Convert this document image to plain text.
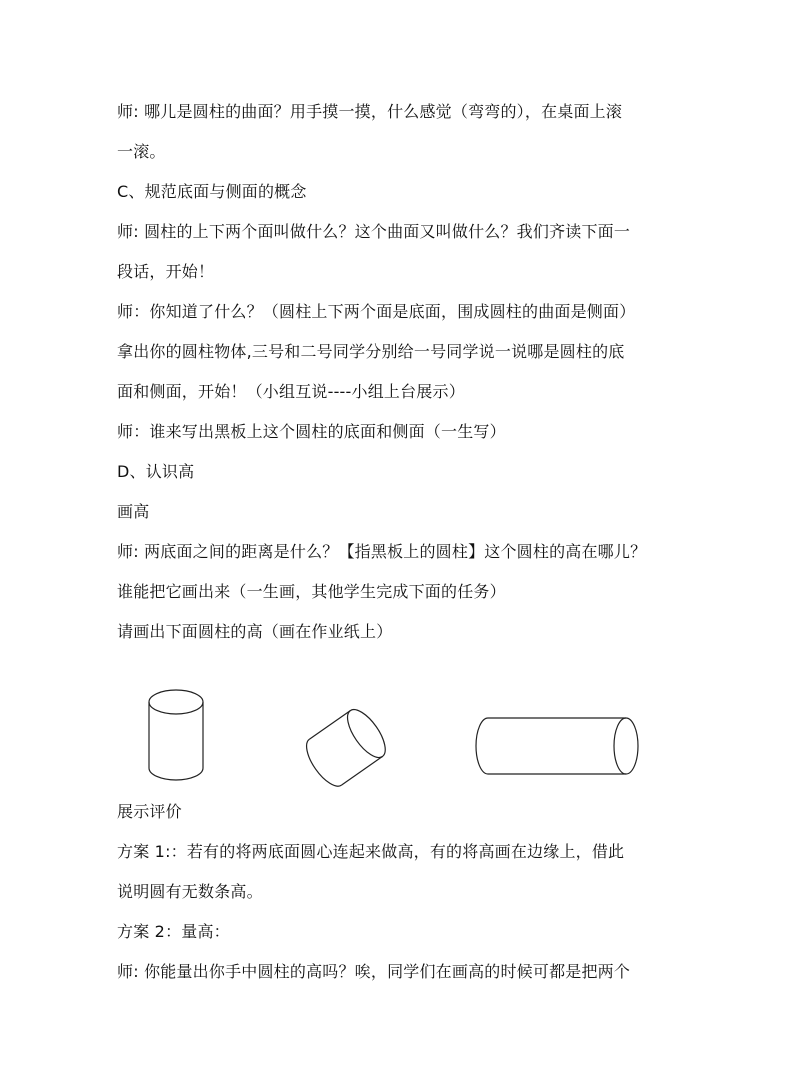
师: 哪儿是圆柱的曲面？用手摸一摸，什么感觉（弯弯的），在桌面上滚
一滚。
C、规范底面与侧面的概念
师: 圆柱的上下两个面叫做什么？这个曲面又叫做什么？我们齐读下面一
段话，开始！
师：你知道了什么？（圆柱上下两个面是底面，围成圆柱的曲面是侧面）
拿出你的圆柱物体,三号和二号同学分别给一号同学说一说哪是圆柱的底
面和侧面，开始！（小组互说----小组上台展示）
师：谁来写出黑板上这个圆柱的底面和侧面（一生写）
D、认识高
画高
师: 两底面之间的距离是什么？【指黑板上的圆柱】这个圆柱的高在哪儿？
谁能把它画出来（一生画，其他学生完成下面的任务）
请画出下面圆柱的高（画在作业纸上）
展示评价
方案 1:：若有的将两底面圆心连起来做高，有的将高画在边缘上，借此
说明圆有无数条高。
方案 2：量高：
师: 你能量出你手中圆柱的高吗？唉，同学们在画高的时候可都是把两个
